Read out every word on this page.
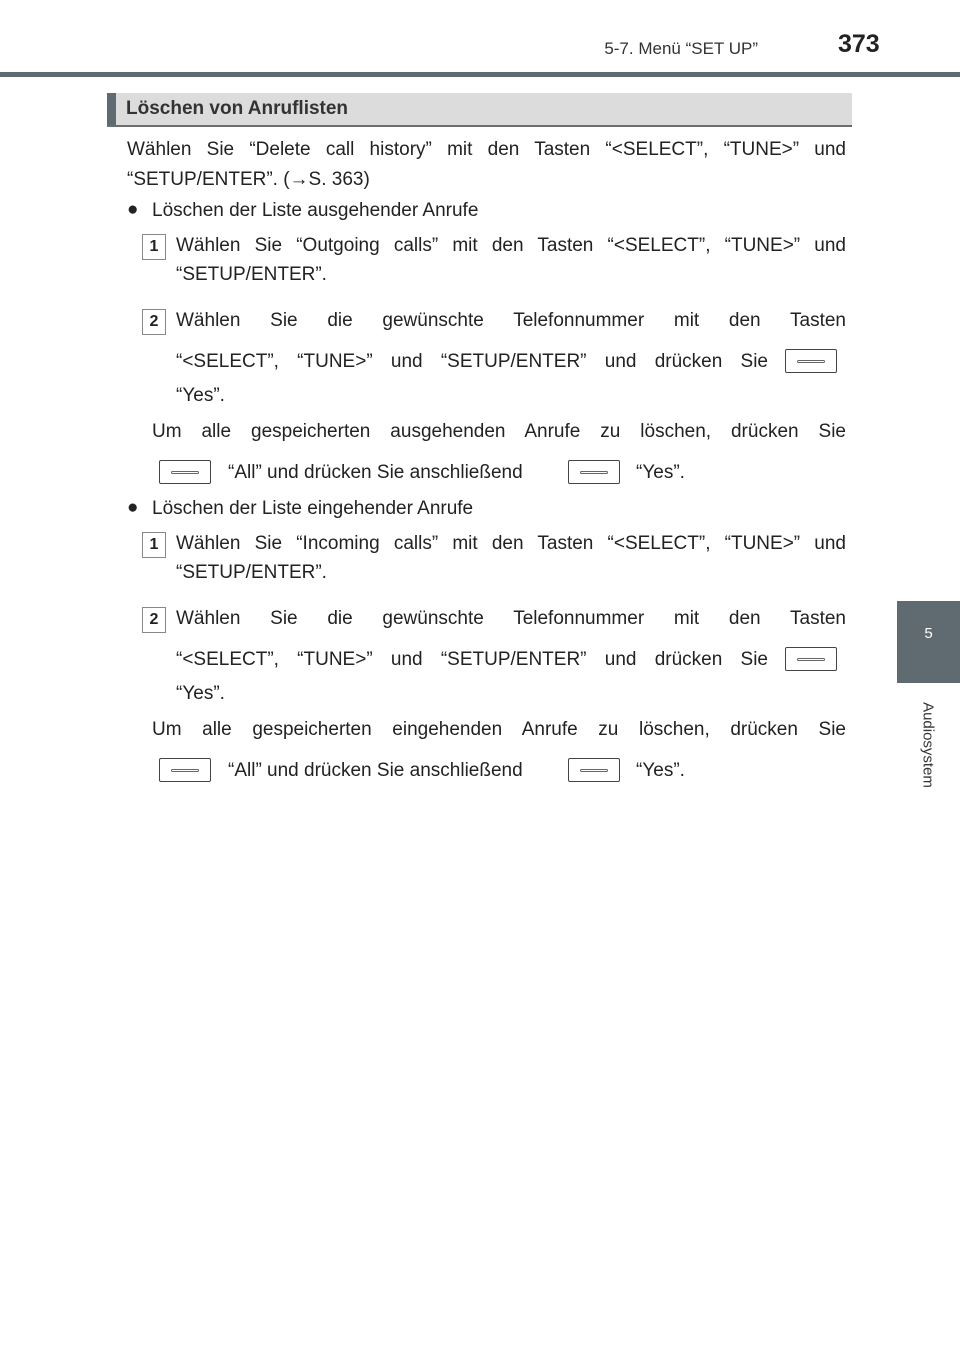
5-7. Menü “SET UP”	373
5
Audiosystem
Löschen von Anruflisten
Wählen Sie “Delete call history” mit den Tasten “<SELECT”, “TUNE>” und
“SETUP/ENTER”. (→S. 363)
● Löschen der Liste ausgehender Anrufe
1 Wählen Sie “Outgoing calls” mit den Tasten “<SELECT”, “TUNE>” und
“SETUP/ENTER”.
2 Wählen Sie die gewünschte Telefonnummer mit den Tasten
“<SELECT”, “TUNE>” und “SETUP/ENTER” und drücken Sie
“Yes”.
Um alle gespeicherten ausgehenden Anrufe zu löschen, drücken Sie
“All” und drücken Sie anschließend	“Yes”.
● Löschen der Liste eingehender Anrufe
1 Wählen Sie “Incoming calls” mit den Tasten “<SELECT”, “TUNE>” und
“SETUP/ENTER”.
2 Wählen Sie die gewünschte Telefonnummer mit den Tasten
“<SELECT”, “TUNE>” und “SETUP/ENTER” und drücken Sie
“Yes”.
Um alle gespeicherten eingehenden Anrufe zu löschen, drücken Sie
“All” und drücken Sie anschließend	“Yes”.
